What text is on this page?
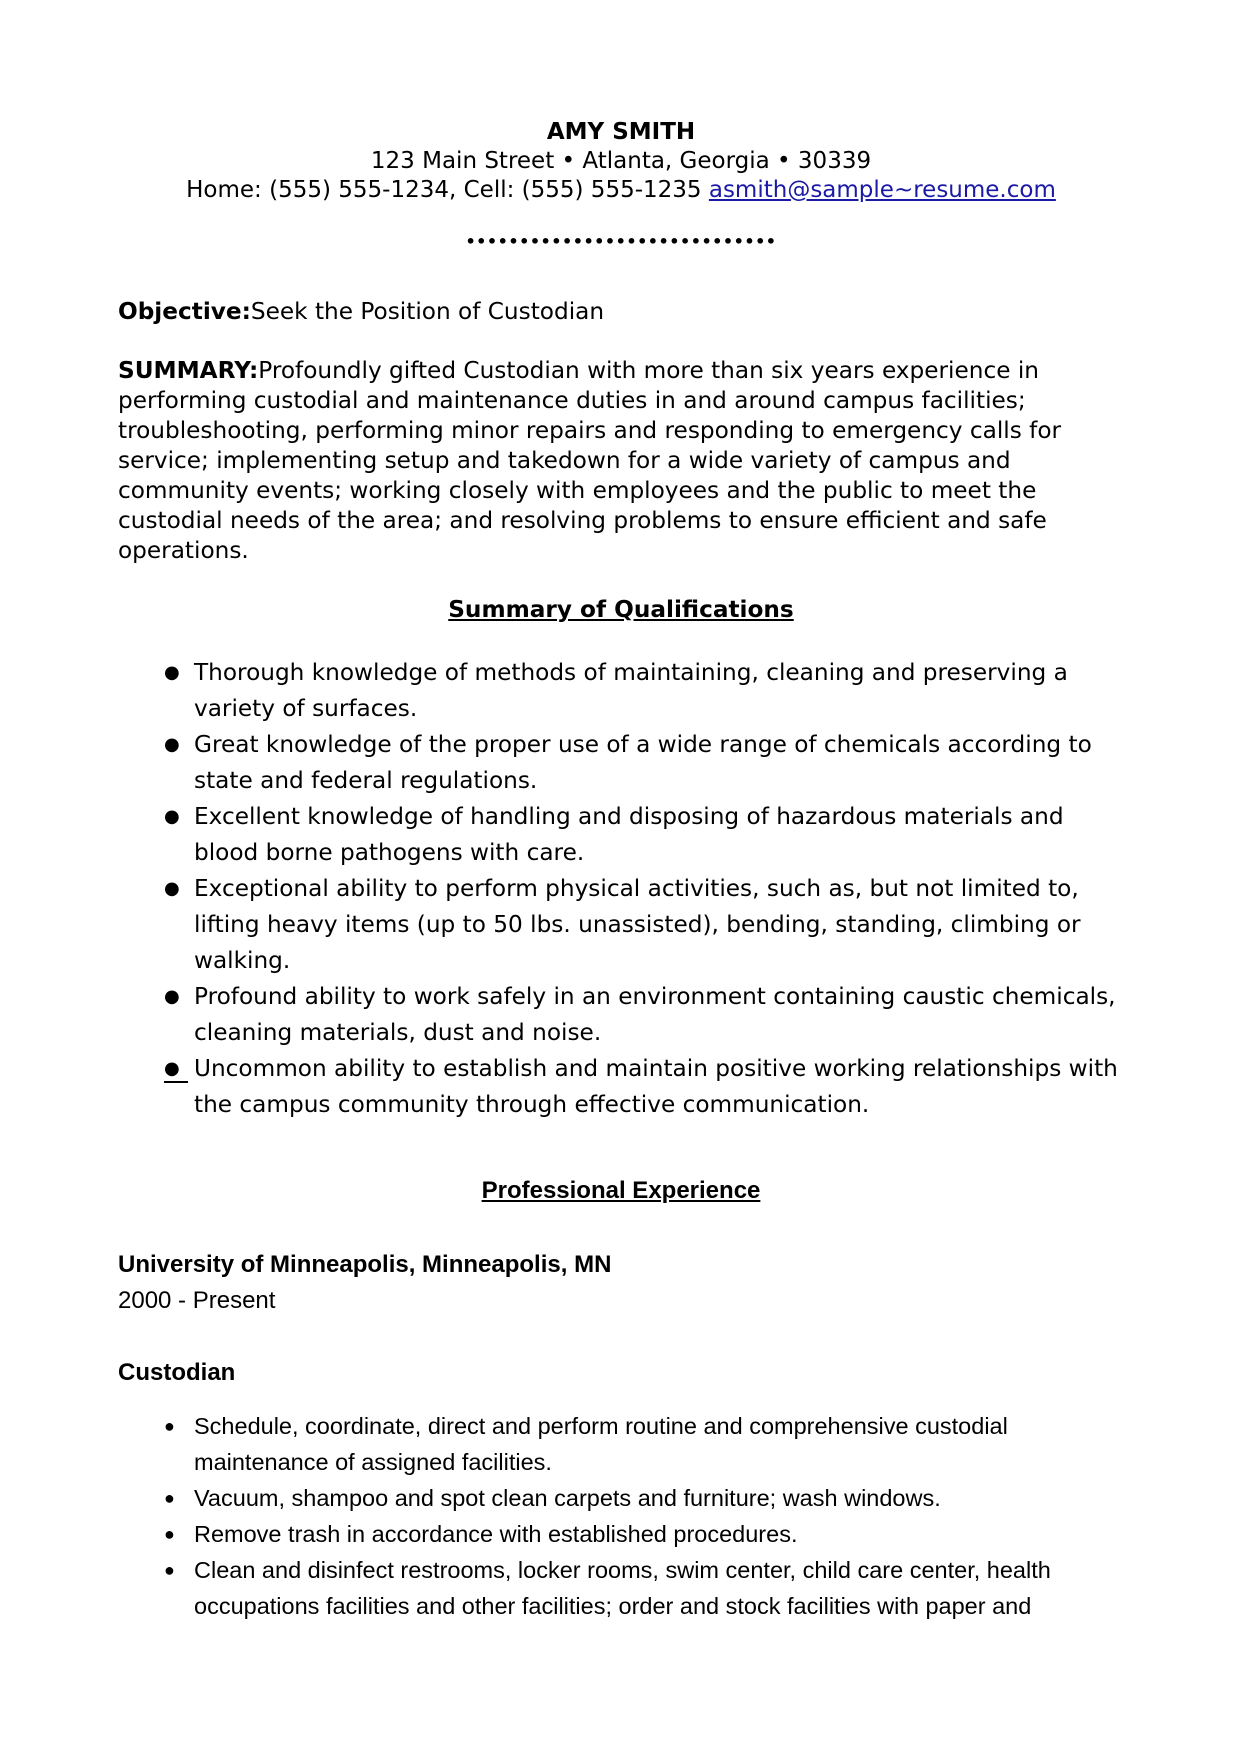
AMY SMITH
123 Main Street • Atlanta, Georgia • 30339
Home: (555) 555-1234, Cell: (555) 555-1235 asmith@sample~resume.com
•••••••••••••••••••••••••••••
Objective:Seek the Position of Custodian
SUMMARY:Profoundly gifted Custodian with more than six years experience in performing custodial and maintenance duties in and around campus facilities; troubleshooting, performing minor repairs and responding to emergency calls for service; implementing setup and takedown for a wide variety of campus and community events; working closely with employees and the public to meet the custodial needs of the area; and resolving problems to ensure efficient and safe operations.
Summary of Qualifications
● Thorough knowledge of methods of maintaining, cleaning and preserving a variety of surfaces.
● Great knowledge of the proper use of a wide range of chemicals according to state and federal regulations.
● Excellent knowledge of handling and disposing of hazardous materials and blood borne pathogens with care.
● Exceptional ability to perform physical activities, such as, but not limited to, lifting heavy items (up to 50 lbs. unassisted), bending, standing, climbing or walking.
● Profound ability to work safely in an environment containing caustic chemicals, cleaning materials, dust and noise.
● Uncommon ability to establish and maintain positive working relationships with the campus community through effective communication.
Professional Experience
University of Minneapolis, Minneapolis, MN
2000 - Present
Custodian
● Schedule, coordinate, direct and perform routine and comprehensive custodial maintenance of assigned facilities.
● Vacuum, shampoo and spot clean carpets and furniture; wash windows.
● Remove trash in accordance with established procedures.
● Clean and disinfect restrooms, locker rooms, swim center, child care center, health occupations facilities and other facilities; order and stock facilities with paper and
